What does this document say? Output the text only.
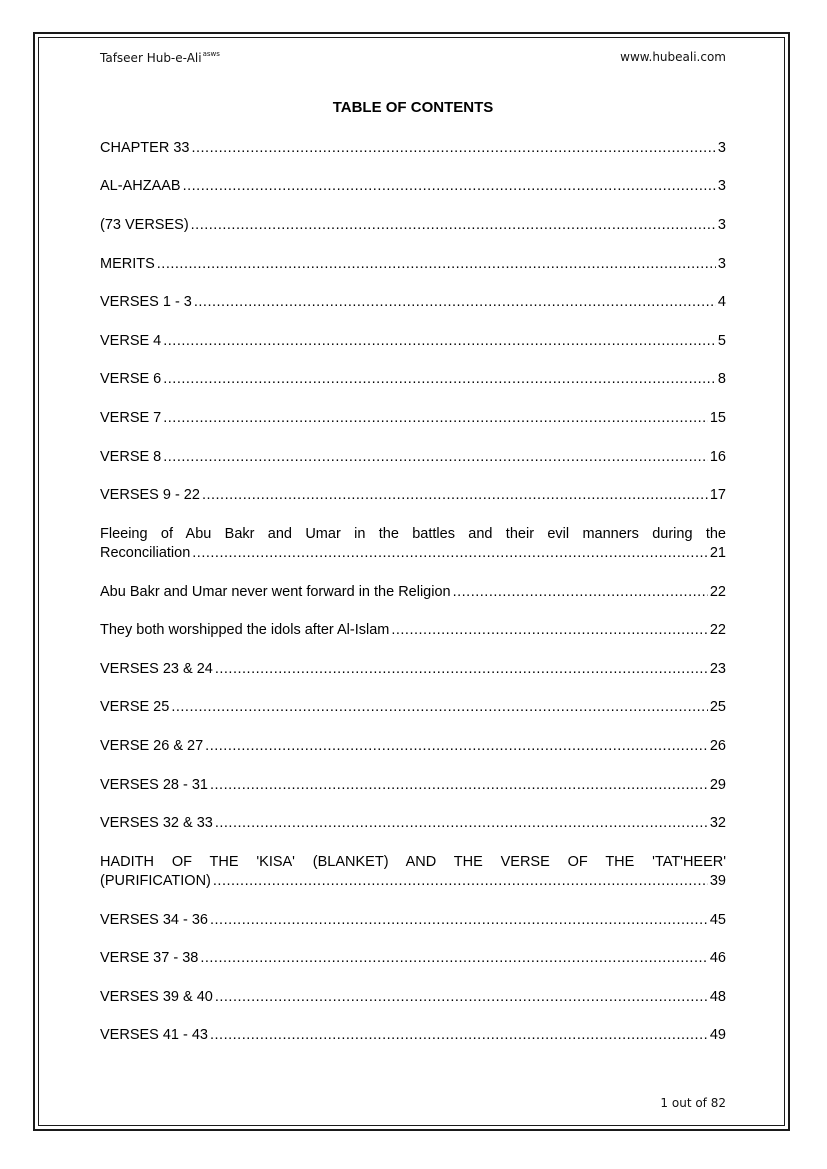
Tafseer Hub-e-Ali$^{asws}$	www.hubeali.com
TABLE OF CONTENTS
CHAPTER 33 .....	3
AL-AHZAAB .....	3
(73 VERSES) .....	3
MERITS .....	3
VERSES 1 - 3 .....	4
VERSE 4 .....	5
VERSE 6 .....	8
VERSE 7 .....	15
VERSE 8 .....	16
VERSES 9 - 22 .....	17
Fleeing of Abu Bakr and Umar in the battles and their evil manners during the
Reconciliation .....	21
Abu Bakr and Umar never went forward in the Religion .....	22
They both worshipped the idols after Al-Islam .....	22
VERSES 23 & 24 .....	23
VERSE 25 .....	25
VERSE 26 & 27 .....	26
VERSES 28 - 31 .....	29
VERSES 32 & 33 .....	32
HADITH OF THE 'KISA' (BLANKET) AND THE VERSE OF THE 'TAT'HEER'
(PURIFICATION) .....	39
VERSES 34 - 36 .....	45
VERSE 37 - 38 .....	46
VERSES 39 & 40 .....	48
VERSES 41 - 43 .....	49
1 out of 82
